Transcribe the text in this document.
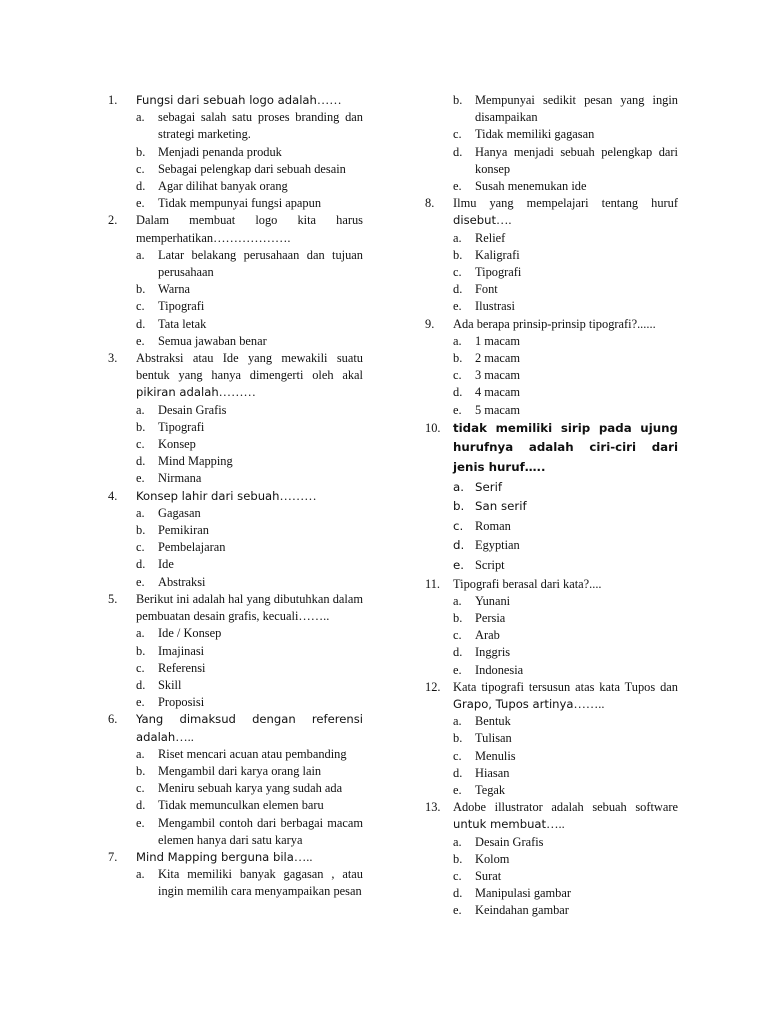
1.	Fungsi dari sebuah logo adalah……
a.	sebagai salah satu proses branding dan strategi marketing.
b.	Menjadi penanda produk
c.	Sebagai pelengkap dari sebuah desain
d.	Agar dilihat banyak orang
e.	Tidak mempunyai fungsi apapun
2.	Dalam membuat logo kita harus memperhatikan……………….
a.	Latar belakang perusahaan dan tujuan perusahaan
b.	Warna
c.	Tipografi
d.	Tata letak
e.	Semua jawaban benar
3.	Abstraksi atau Ide yang mewakili suatu bentuk yang hanya dimengerti oleh akal pikiran adalah………
a.	Desain Grafis
b.	Tipografi
c.	Konsep
d.	Mind Mapping
e.	Nirmana
4.	Konsep lahir dari sebuah………
a.	Gagasan
b.	Pemikiran
c.	Pembelajaran
d.	Ide
e.	Abstraksi
5.	Berikut ini adalah hal yang dibutuhkan dalam pembuatan desain grafis, kecuali……..
a.	Ide / Konsep
b.	Imajinasi
c.	Referensi
d.	Skill
e.	Proposisi
6.	Yang dimaksud dengan referensi adalah…..
a.	Riset mencari acuan atau pembanding
b.	Mengambil dari karya orang lain
c.	Meniru sebuah karya yang sudah ada
d.	Tidak memunculkan elemen baru
e.	Mengambil contoh dari berbagai macam elemen hanya dari satu karya
7.	Mind Mapping berguna bila…..
a.	Kita memiliki banyak gagasan , atau ingin memilih cara menyampaikan pesan
b.	Mempunyai sedikit pesan yang ingin disampaikan
c.	Tidak memiliki gagasan
d.	Hanya menjadi sebuah pelengkap dari konsep
e.	Susah menemukan ide
8.	Ilmu yang mempelajari tentang huruf disebut….
a.	Relief
b.	Kaligrafi
c.	Tipografi
d.	Font
e.	Ilustrasi
9.	Ada berapa prinsip-prinsip tipografi?......
a.	1 macam
b.	2 macam
c.	3 macam
d.	4 macam
e.	5 macam
10.	tidak memiliki sirip pada ujung hurufnya adalah ciri-ciri dari jenis huruf…..
a. Serif
b. San serif
c. Roman
d. Egyptian
e. Script
11.	Tipografi berasal dari kata?....
a.	Yunani
b.	Persia
c.	Arab
d.	Inggris
e.	Indonesia
12.	Kata tipografi tersusun atas kata Tupos dan Grapo, Tupos artinya……..
a.	Bentuk
b.	Tulisan
c.	Menulis
d.	Hiasan
e.	Tegak
13.	Adobe illustrator adalah sebuah software untuk membuat…..
a.	Desain Grafis
b.	Kolom
c.	Surat
d.	Manipulasi gambar
e.	Keindahan gambar
